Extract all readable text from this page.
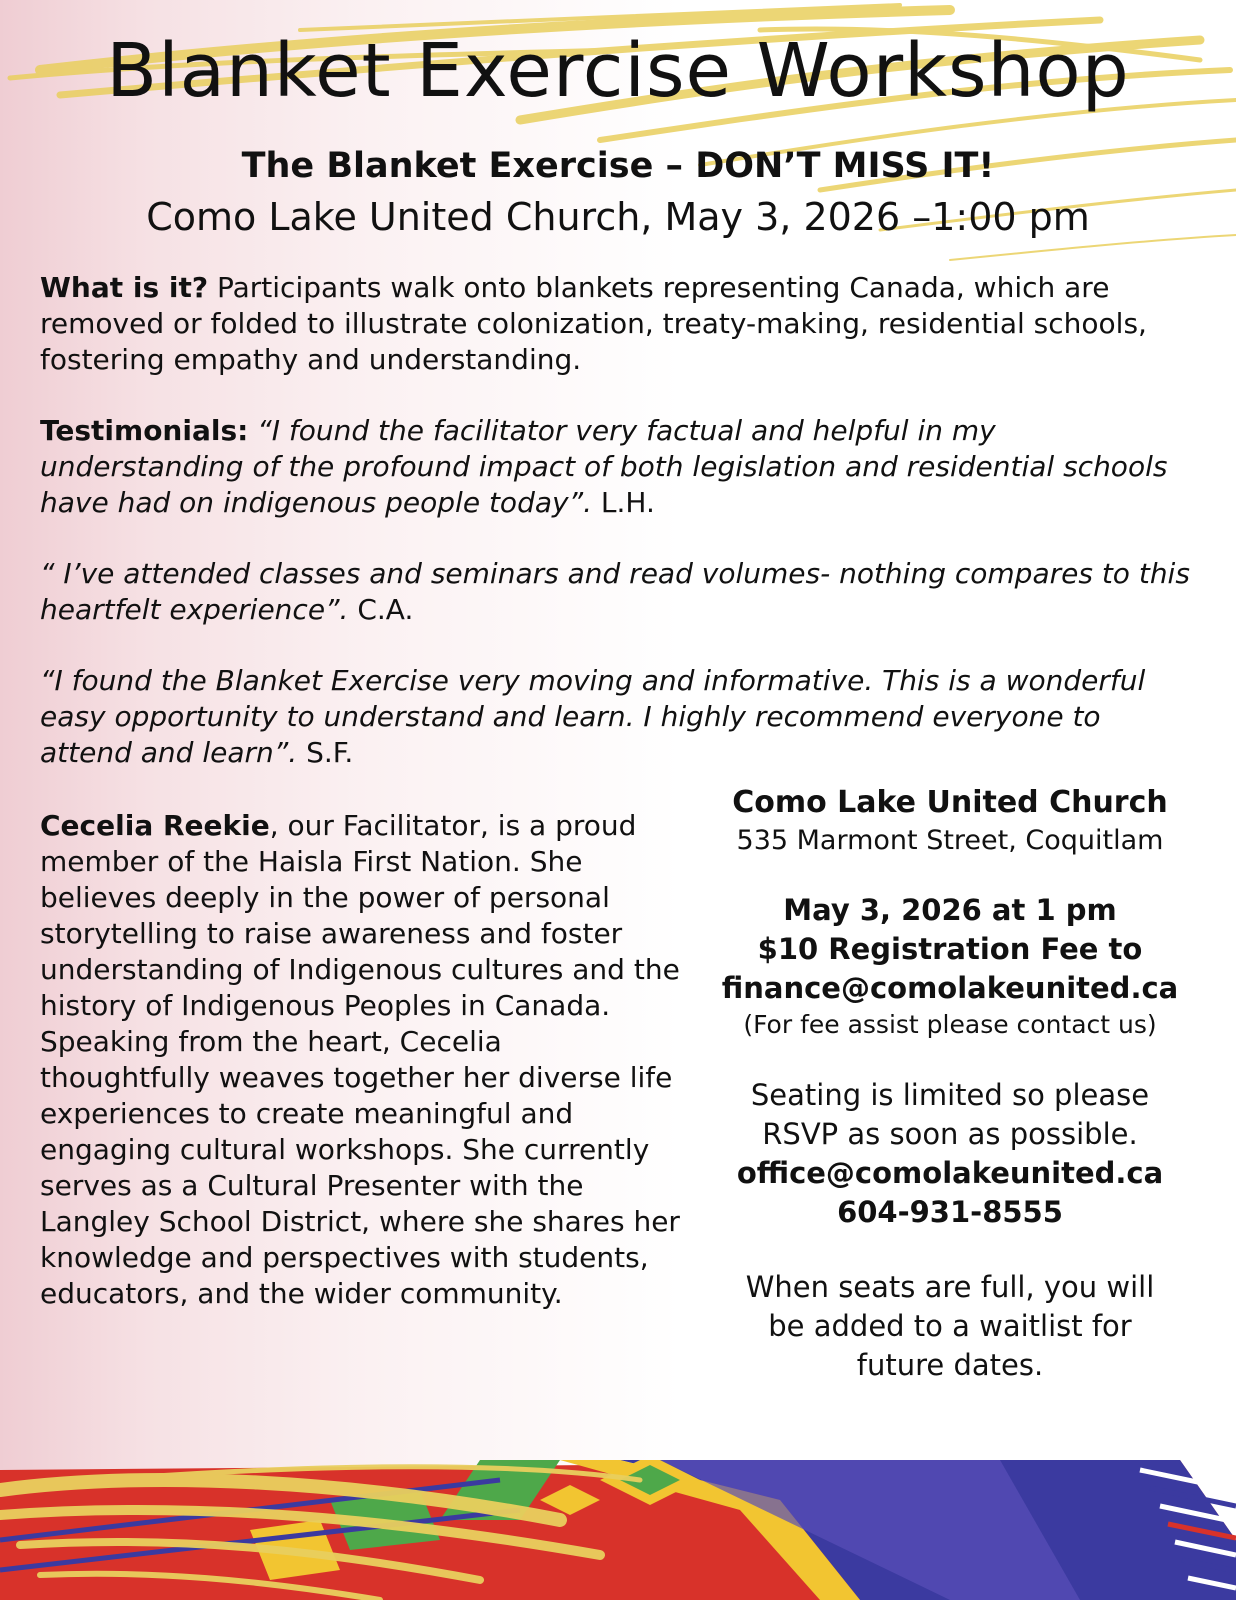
Blanket Exercise Workshop

The Blanket Exercise – DON’T MISS IT!

Como Lake United Church, May 3, 2026 –1:00 pm

What is it? Participants walk onto blankets representing Canada, which are removed or folded to illustrate colonization, treaty-making, residential schools, fostering empathy and understanding.

Testimonials: “I found the facilitator very factual and helpful in my understanding of the profound impact of both legislation and residential schools have had on indigenous people today”. L.H.

“ I’ve attended classes and seminars and read volumes- nothing compares to this heartfelt experience”. C.A.

“I found the Blanket Exercise very moving and informative. This is a wonderful easy opportunity to understand and learn. I highly recommend everyone to attend and learn”. S.F.

Cecelia Reekie, our Facilitator, is a proud member of the Haisla First Nation. She believes deeply in the power of personal storytelling to raise awareness and foster understanding of Indigenous cultures and the history of Indigenous Peoples in Canada. Speaking from the heart, Cecelia thoughtfully weaves together her diverse life experiences to create meaningful and engaging cultural workshops. She currently serves as a Cultural Presenter with the Langley School District, where she shares her knowledge and perspectives with students, educators, and the wider community.

Como Lake United Church

535 Marmont Street, Coquitlam

May 3, 2026 at 1 pm

$10 Registration Fee to

finance@comolakeunited.ca

(For fee assist please contact us)

Seating is limited so please

RSVP as soon as possible.

office@comolakeunited.ca

604-931-8555

When seats are full, you will

be added to a waitlist for

future dates.
